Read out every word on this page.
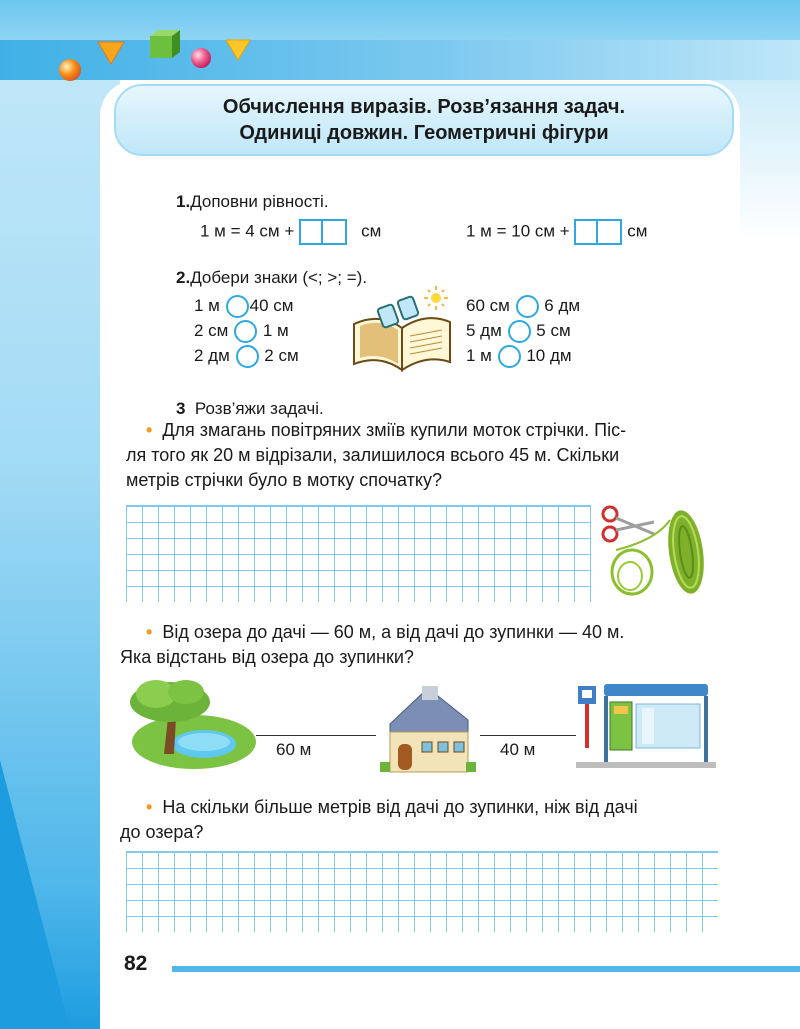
Обчислення виразів. Розв’язання задач.
Одиниці довжин. Геометричні фігури
1.Доповни рівності.
1 м = 4 см +	см	1 м = 10 см +	см
2.Добери знаки (<; >; =).
1 м 40 см
2 см 1 м
2 дм 2 см
60 см 6 дм
5 дм 5 см
1 м 10 дм
3 Розв’яжи задачі.
• Для змагань повітряних зміїв купили моток стрічки. Піс-
ля того як 20 м відрізали, залишилося всього 45 м. Скільки
метрів стрічки було в мотку спочатку?
• Від озера до дачі — 60 м, а від дачі до зупинки — 40 м.
Яка відстань від озера до зупинки?
60 м	40 м
• На скільки більше метрів від дачі до зупинки, ніж від дачі
до озера?
82
